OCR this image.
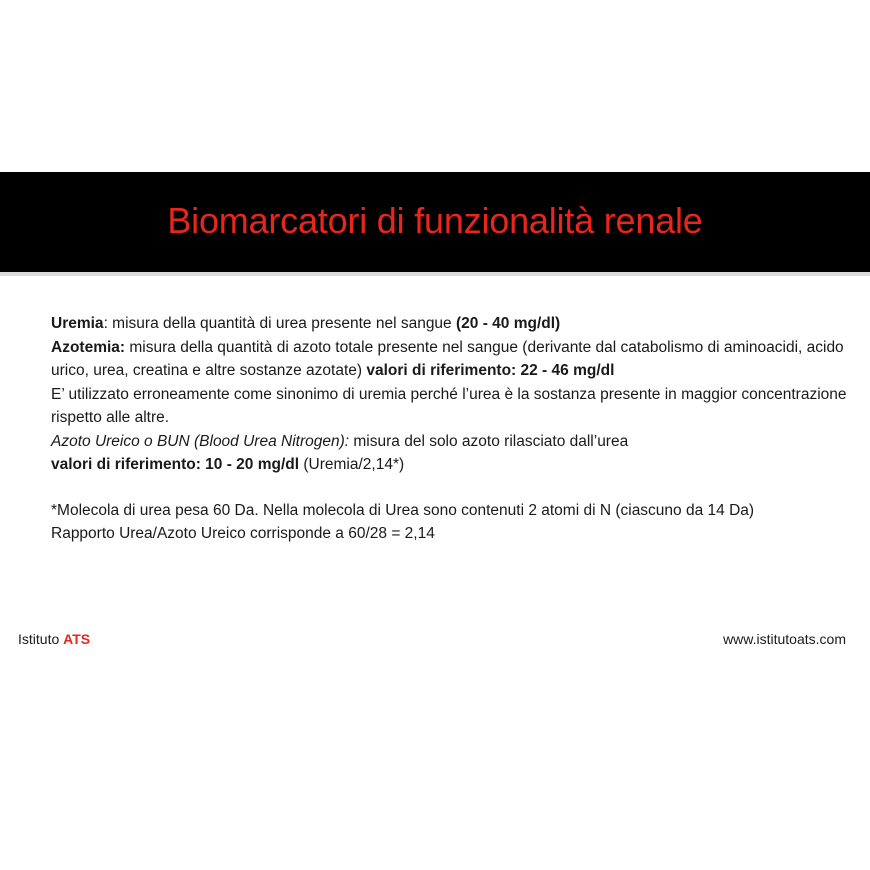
Biomarcatori di funzionalità renale

Uremia: misura della quantità di urea presente nel sangue (20 - 40 mg/dl)

Azotemia: misura della quantità di azoto totale presente nel sangue (derivante dal catabolismo di aminoacidi, acido urico, urea, creatina e altre sostanze azotate) valori di riferimento: 22 - 46 mg/dl

E’ utilizzato erroneamente come sinonimo di uremia perché l’urea è la sostanza presente in maggior concentrazione rispetto alle altre.

Azoto Ureico o BUN (Blood Urea Nitrogen): misura del solo azoto rilasciato dall’urea

valori di riferimento: 10 - 20 mg/dl (Uremia/2,14*)

*Molecola di urea pesa 60 Da. Nella molecola di Urea sono contenuti 2 atomi di N (ciascuno da 14 Da)

Rapporto Urea/Azoto Ureico corrisponde a 60/28 = 2,14

Istituto ATS	www.istitutoats.com
